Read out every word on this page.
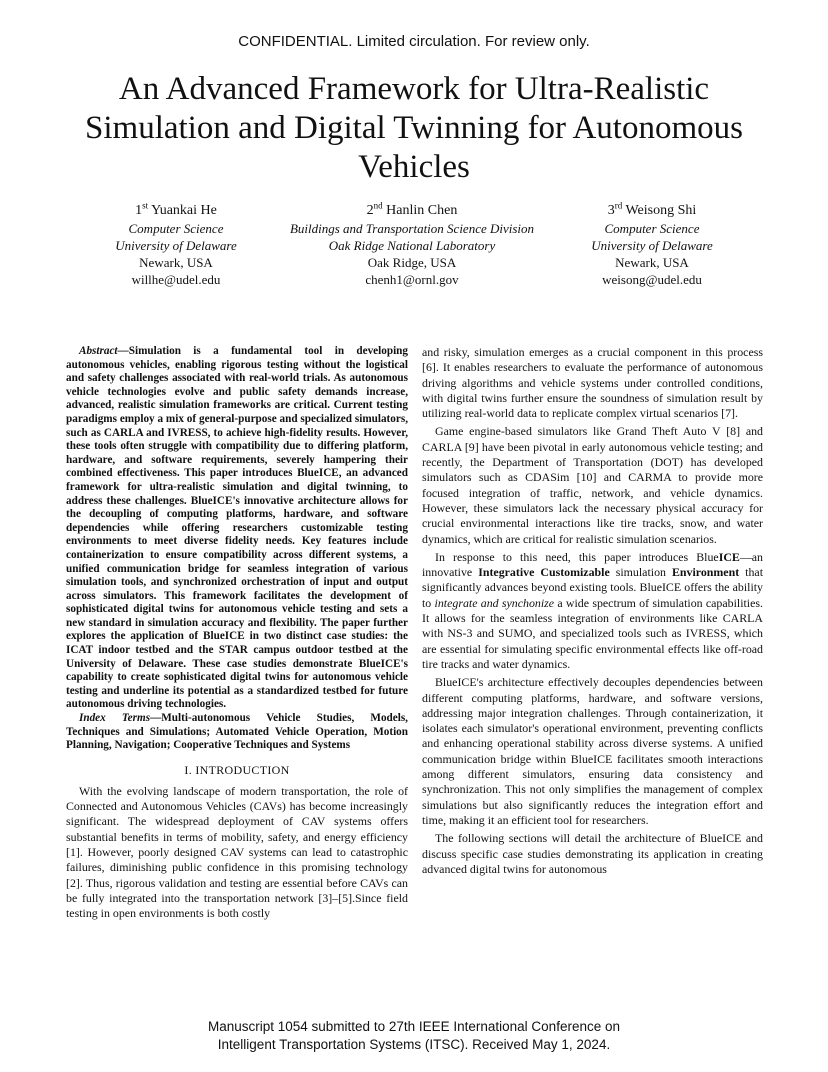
CONFIDENTIAL. Limited circulation. For review only.
An Advanced Framework for Ultra-Realistic Simulation and Digital Twinning for Autonomous Vehicles
1st Yuankai He
Computer Science
University of Delaware
Newark, USA
willhe@udel.edu
2nd Hanlin Chen
Buildings and Transportation Science Division
Oak Ridge National Laboratory
Oak Ridge, USA
chenh1@ornl.gov
3rd Weisong Shi
Computer Science
University of Delaware
Newark, USA
weisong@udel.edu

Abstract—Simulation is a fundamental tool in developing autonomous vehicles, enabling rigorous testing without the logistical and safety challenges associated with real-world trials. As autonomous vehicle technologies evolve and public safety demands increase, advanced, realistic simulation frameworks are critical. Current testing paradigms employ a mix of general-purpose and specialized simulators, such as CARLA and IVRESS, to achieve high-fidelity results. However, these tools often struggle with compatibility due to differing platform, hardware, and software requirements, severely hampering their combined effectiveness. This paper introduces BlueICE, an advanced framework for ultra-realistic simulation and digital twinning, to address these challenges. BlueICE's innovative architecture allows for the decoupling of computing platforms, hardware, and software dependencies while offering researchers customizable testing environments to meet diverse fidelity needs. Key features include containerization to ensure compatibility across different systems, a unified communication bridge for seamless integration of various simulation tools, and synchronized orchestration of input and output across simulators. This framework facilitates the development of sophisticated digital twins for autonomous vehicle testing and sets a new standard in simulation accuracy and flexibility. The paper further explores the application of BlueICE in two distinct case studies: the ICAT indoor testbed and the STAR campus outdoor testbed at the University of Delaware. These case studies demonstrate BlueICE's capability to create sophisticated digital twins for autonomous vehicle testing and underline its potential as a standardized testbed for future autonomous driving technologies.

Index Terms—Multi-autonomous Vehicle Studies, Models, Techniques and Simulations; Automated Vehicle Operation, Motion Planning, Navigation; Cooperative Techniques and Systems

I. INTRODUCTION

With the evolving landscape of modern transportation, the role of Connected and Autonomous Vehicles (CAVs) has become increasingly significant. The widespread deployment of CAV systems offers substantial benefits in terms of mobility, safety, and energy efficiency [1]. However, poorly designed CAV systems can lead to catastrophic failures, diminishing public confidence in this promising technology [2]. Thus, rigorous validation and testing are essential before CAVs can be fully integrated into the transportation network [3]–[5].Since field testing in open environments is both costly

and risky, simulation emerges as a crucial component in this process [6]. It enables researchers to evaluate the performance of autonomous driving algorithms and vehicle systems under controlled conditions, with digital twins further ensure the soundness of simulation result by utilizing real-world data to replicate complex virtual scenarios [7].

Game engine-based simulators like Grand Theft Auto V [8] and CARLA [9] have been pivotal in early autonomous vehicle testing; and recently, the Department of Transportation (DOT) has developed simulators such as CDASim [10] and CARMA to provide more focused integration of traffic, network, and vehicle dynamics. However, these simulators lack the necessary physical accuracy for crucial environmental interactions like tire tracks, snow, and water dynamics, which are critical for realistic simulation scenarios.

In response to this need, this paper introduces BlueICE—an innovative Integrative Customizable simulation Environment that significantly advances beyond existing tools. BlueICE offers the ability to integrate and synchonize a wide spectrum of simulation capabilities. It allows for the seamless integration of environments like CARLA with NS-3 and SUMO, and specialized tools such as IVRESS, which are essential for simulating specific environmental effects like off-road tire tracks and water dynamics.

BlueICE's architecture effectively decouples dependencies between different computing platforms, hardware, and software versions, addressing major integration challenges. Through containerization, it isolates each simulator's operational environment, preventing conflicts and enhancing operational stability across diverse systems. A unified communication bridge within BlueICE facilitates smooth interactions among different simulators, ensuring data consistency and synchronization. This not only simplifies the management of complex simulations but also significantly reduces the integration effort and time, making it an efficient tool for researchers.

The following sections will detail the architecture of BlueICE and discuss specific case studies demonstrating its application in creating advanced digital twins for autonomous

Manuscript 1054 submitted to 27th IEEE International Conference on
Intelligent Transportation Systems (ITSC). Received May 1, 2024.
